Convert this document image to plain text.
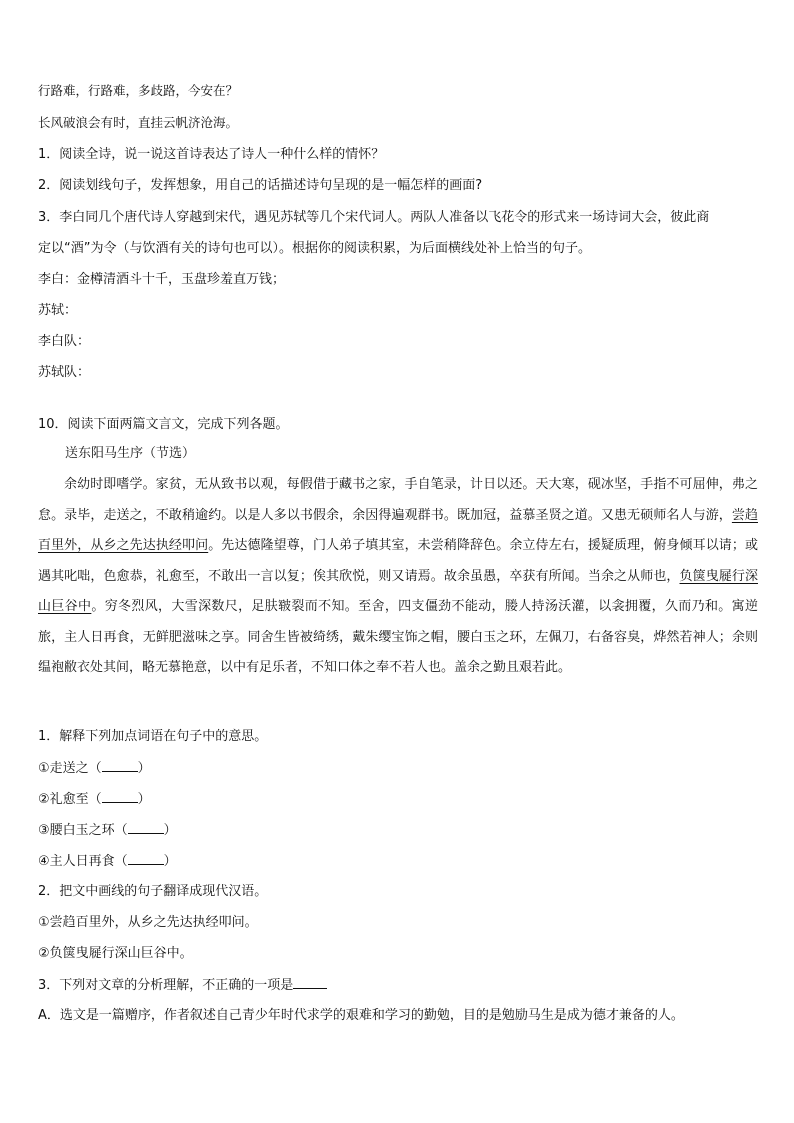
行路难，行路难，多歧路，今安在？
长风破浪会有时，直挂云帆济沧海。
1．阅读全诗，说一说这首诗表达了诗人一种什么样的情怀？
2．阅读划线句子，发挥想象，用自己的话描述诗句呈现的是一幅怎样的画面?
3．李白同几个唐代诗人穿越到宋代，遇见苏轼等几个宋代词人。两队人准备以飞花令的形式来一场诗词大会，彼此商
定以“酒”为令（与饮酒有关的诗句也可以）。根据你的阅读积累，为后面横线处补上恰当的句子。
李白：金樽清酒斗十千，玉盘珍羞直万钱；
苏轼：
李白队：
苏轼队：
10．阅读下面两篇文言文，完成下列各题。
送东阳马生序（节选）

余幼时即嗜学。家贫，无从致书以观，每假借于藏书之家，手自笔录，计日以还。天大寒，砚冰坚，手指不可屈伸，弗之怠。录毕，走送之，不敢稍逾约。以是人多以书假余，余因得遍观群书。既加冠，益慕圣贤之道。又患无硕师名人与游，尝趋百里外，从乡之先达执经叩问。先达德隆望尊，门人弟子填其室，未尝稍降辞色。余立侍左右，援疑质理，俯身倾耳以请；或遇其叱咄，色愈恭，礼愈至，不敢出一言以复；俟其欣悦，则又请焉。故余虽愚，卒获有所闻。当余之从师也，负箧曳屣行深山巨谷中。穷冬烈风，大雪深数尺，足肤皲裂而不知。至舍，四支僵劲不能动，媵人持汤沃灌，以衾拥覆，久而乃和。寓逆旅，主人日再食，无鲜肥滋味之享。同舍生皆被绮绣，戴朱缨宝饰之帽，腰白玉之环，左佩刀，右备容臭，烨然若神人；余则缊袍敝衣处其间，略无慕艳意，以中有足乐者，不知口体之奉不若人也。盖余之勤且艰若此。

1．解释下列加点词语在句子中的意思。
①走送之（	）
②礼愈至（	）
③腰白玉之环（	）
④主人日再食（	）
2．把文中画线的句子翻译成现代汉语。
①尝趋百里外，从乡之先达执经叩问。
②负箧曳屣行深山巨谷中。
3．下列对文章的分析理解，不正确的一项是
A．选文是一篇赠序，作者叙述自己青少年时代求学的艰难和学习的勤勉，目的是勉励马生是成为德才兼备的人。
